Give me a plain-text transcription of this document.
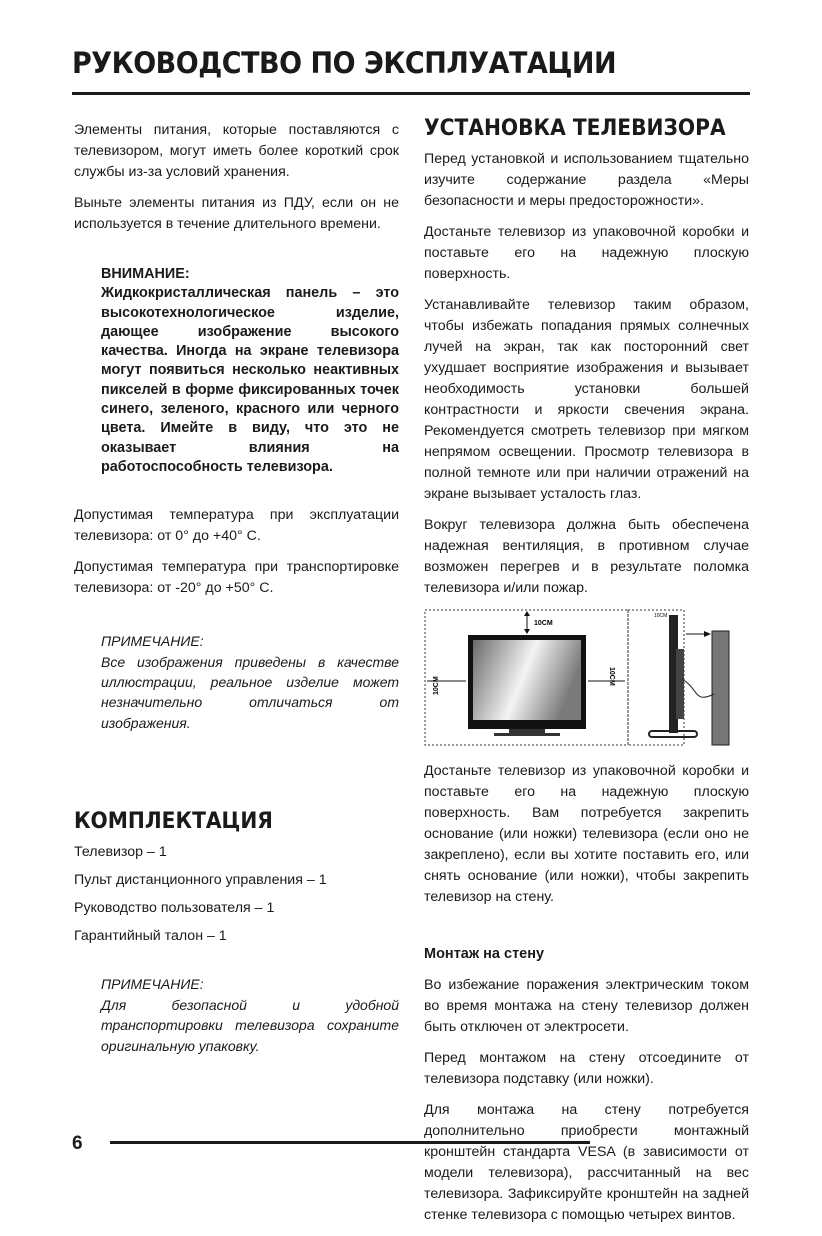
РУКОВОДСТВО ПО ЭКСПЛУАТАЦИИ

Элементы питания, которые поставляются с телевизором, могут иметь более короткий срок службы из-за условий хранения.

Выньте элементы питания из ПДУ, если он не используется в течение длительного времени.

ВНИМАНИЕ:
Жидкокристаллическая панель – это высокотехнологическое изделие, дающее изображение высокого качества. Иногда на экране телевизора могут появиться несколько неактивных пикселей в форме фиксированных точек синего, зеленого, красного или черного цвета. Имейте в виду, что это не оказывает влияния на работоспособность телевизора.

Допустимая температура при эксплуатации телевизора: от 0° до +40° С.

Допустимая температура при транспортировке телевизора: от -20° до +50° С.

ПРИМЕЧАНИЕ:
Все изображения приведены в качестве иллюстрации, реальное изделие может незначительно отличаться от изображения.
КОМПЛЕКТАЦИЯ
Телевизор – 1
Пульт дистанционного управления – 1
Руководство пользователя – 1
Гарантийный талон – 1
ПРИМЕЧАНИЕ:
Для безопасной и удобной транспортировки телевизора сохраните оригинальную упаковку.
УСТАНОВКА ТЕЛЕВИЗОРА

Перед установкой и использованием тщательно изучите содержание раздела «Меры безопасности и меры предосторожности».

Достаньте телевизор из упаковочной коробки и поставьте его на надежную плоскую поверхность.

Устанавливайте телевизор таким образом, чтобы избежать попадания прямых солнечных лучей на экран, так как посторонний свет ухудшает восприятие изображения и вызывает необходимость установки большей контрастности и яркости свечения экрана. Рекомендуется смотреть телевизор при мягком непрямом освещении. Просмотр телевизора в полной темноте или при наличии отражений на экране вызывает усталость глаз.

Вокруг телевизора должна быть обеспечена надежная вентиляция, в противном случае возможен перегрев и в результате поломка телевизора и/или пожар.

10CM
10CM	10CM
10CM

Достаньте телевизор из упаковочной коробки и поставьте его на надежную плоскую поверхность. Вам потребуется закрепить основание (или ножки) телевизора (если оно не закреплено), если вы хотите поставить его, или снять основание (или ножки), чтобы закрепить телевизор на стену.

Монтаж на стену

Во избежание поражения электрическим током во время монтажа на стену телевизор должен быть отключен от электросети.

Перед монтажом на стену отсоедините от телевизора подставку (или ножки).

Для монтажа на стену потребуется дополнительно приобрести монтажный кронштейн стандарта VESA (в зависимости от модели телевизора), рассчитанный на вес телевизора. Зафиксируйте кронштейн на задней стенке телевизора с помощью четырех винтов.

6
